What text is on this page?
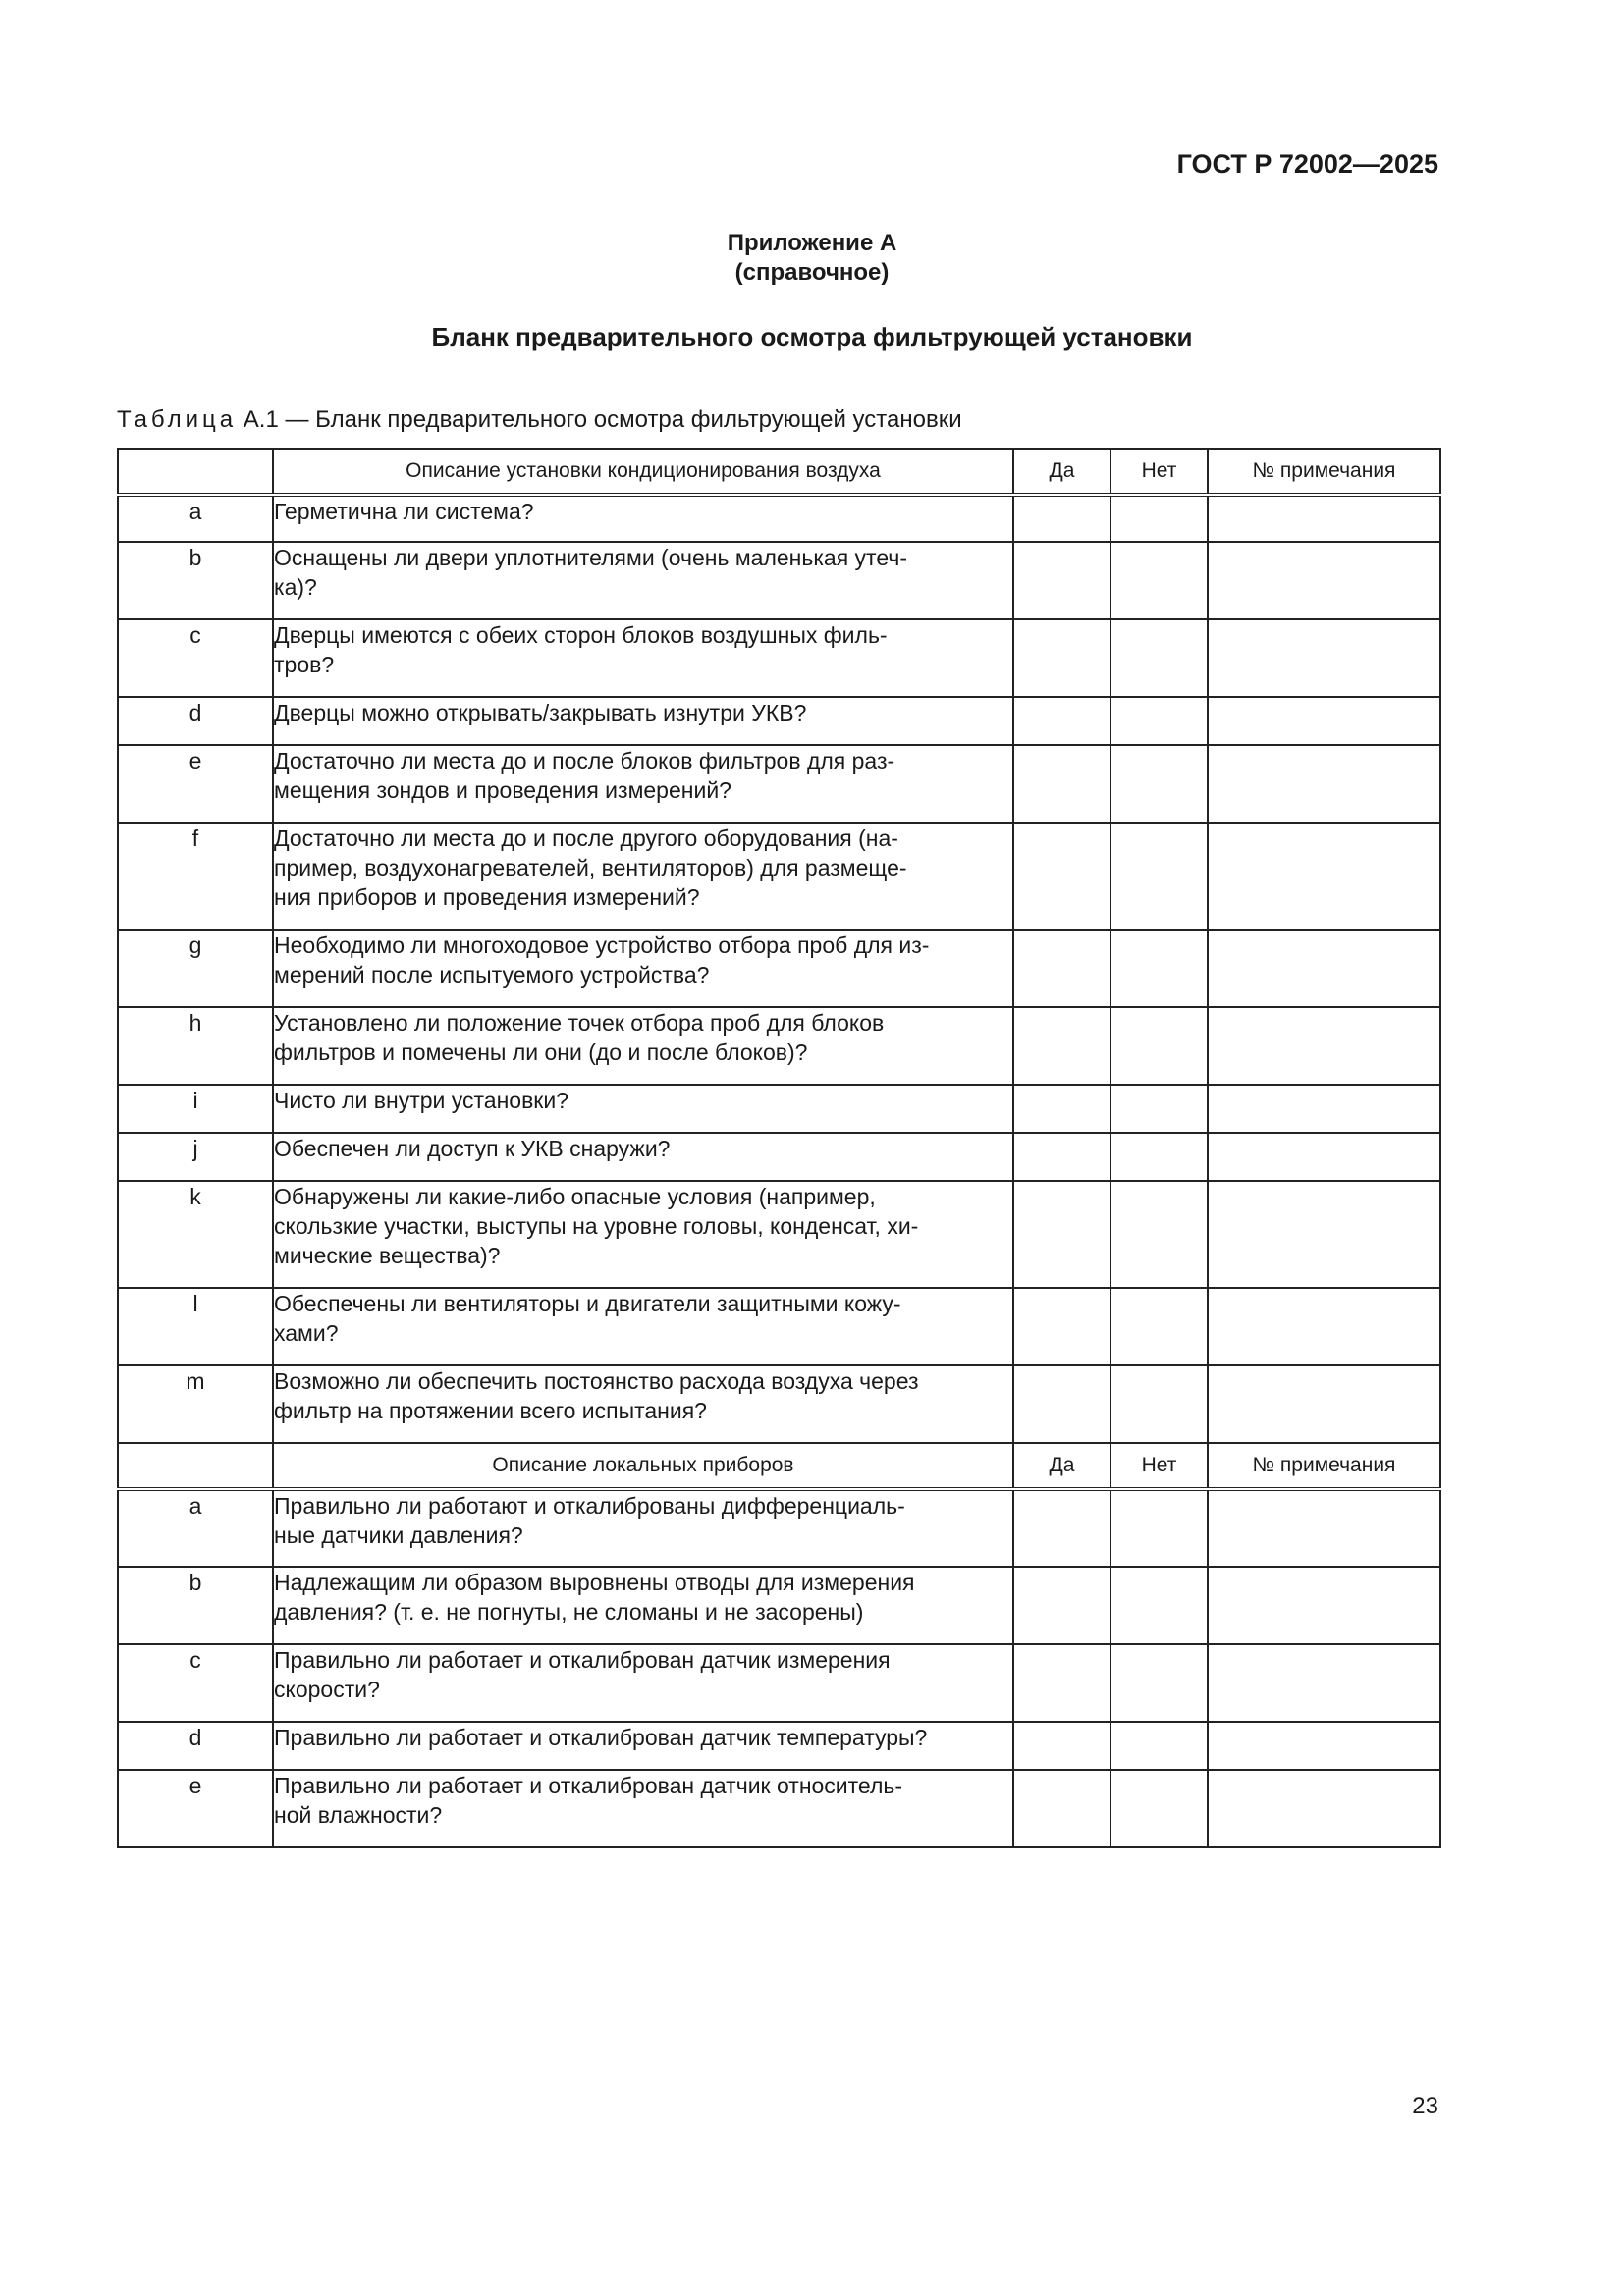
ГОСТ Р 72002—2025
Приложение А
(справочное)
Бланк предварительного осмотра фильтрующей установки
Таблица А.1 — Бланк предварительного осмотра фильтрующей установки
	Описание установки кондиционирования воздуха	Да	Нет	№ примечания
a	Герметична ли система?			

b	Оснащены ли двери уплотнителями (очень маленькая утеч-
ка)?			

c	Дверцы имеются с обеих сторон блоков воздушных филь-
тров?			

d	Дверцы можно открывать/закрывать изнутри УКВ?			

e	Достаточно ли места до и после блоков фильтров для раз-
мещения зондов и проведения измерений?			

f	Достаточно ли места до и после другого оборудования (на-
пример, воздухонагревателей, вентиляторов) для размеще-
ния приборов и проведения измерений?			

g	Необходимо ли многоходовое устройство отбора проб для из-
мерений после испытуемого устройства?			

h	Установлено ли положение точек отбора проб для блоков
фильтров и помечены ли они (до и после блоков)?			

i	Чисто ли внутри установки?			

j	Обеспечен ли доступ к УКВ снаружи?			

k	Обнаружены ли какие-либо опасные условия (например,
скользкие участки, выступы на уровне головы, конденсат, хи-
мические вещества)?			

l	Обеспечены ли вентиляторы и двигатели защитными кожу-
хами?			

m	Возможно ли обеспечить постоянство расхода воздуха через
фильтр на протяжении всего испытания?			

	Описание локальных приборов	Да	Нет	№ примечания
a	Правильно ли работают и откалиброваны дифференциаль-
ные датчики давления?			

b	Надлежащим ли образом выровнены отводы для измерения
давления? (т. е. не погнуты, не сломаны и не засорены)			

c	Правильно ли работает и откалиброван датчик измерения
скорости?			

d	Правильно ли работает и откалиброван датчик температуры?			

e	Правильно ли работает и откалиброван датчик относитель-
ной влажности?			

23
